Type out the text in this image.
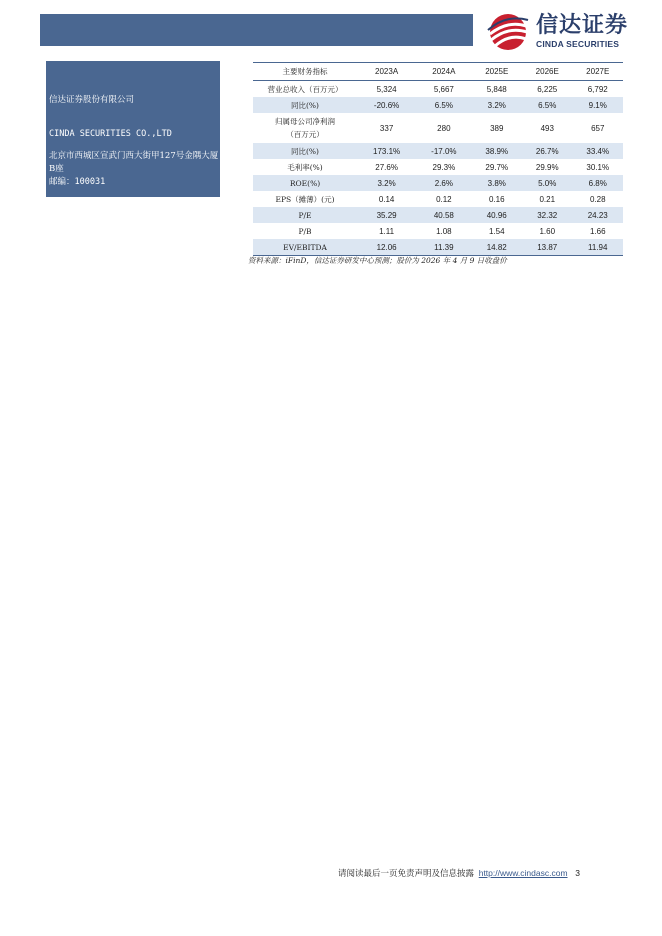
信达证券
CINDA SECURITIES
信达证券股份有限公司
CINDA SECURITIES CO.,LTD
北京市西城区宣武门西大街甲127号金隅大厦B座
邮编：100031
主要财务指标	2023A	2024A	2025E	2026E	2027E
营业总收入（百万元）	5,324	5,667	5,848	6,225	6,792
同比(%)	-20.6%	6.5%	3.2%	6.5%	9.1%

归属母公司净利润
（百万元）	337	280	389	493	657
同比(%)	173.1%	-17.0%	38.9%	26.7%	33.4%
毛利率(%)	27.6%	29.3%	29.7%	29.9%	30.1%
ROE(%)	3.2%	2.6%	3.8%	5.0%	6.8%
EPS（摊薄）(元)	0.14	0.12	0.16	0.21	0.28
P/E	35.29	40.58	40.96	32.32	24.23
P/B	1.11	1.08	1.54	1.60	1.66
EV/EBITDA	12.06	11.39	14.82	13.87	11.94
资料来源：iFinD，信达证券研发中心预测；股价为 2026 年 4 月 9 日收盘价
请阅读最后一页免责声明及信息披露 http://www.cindasc.com 3
